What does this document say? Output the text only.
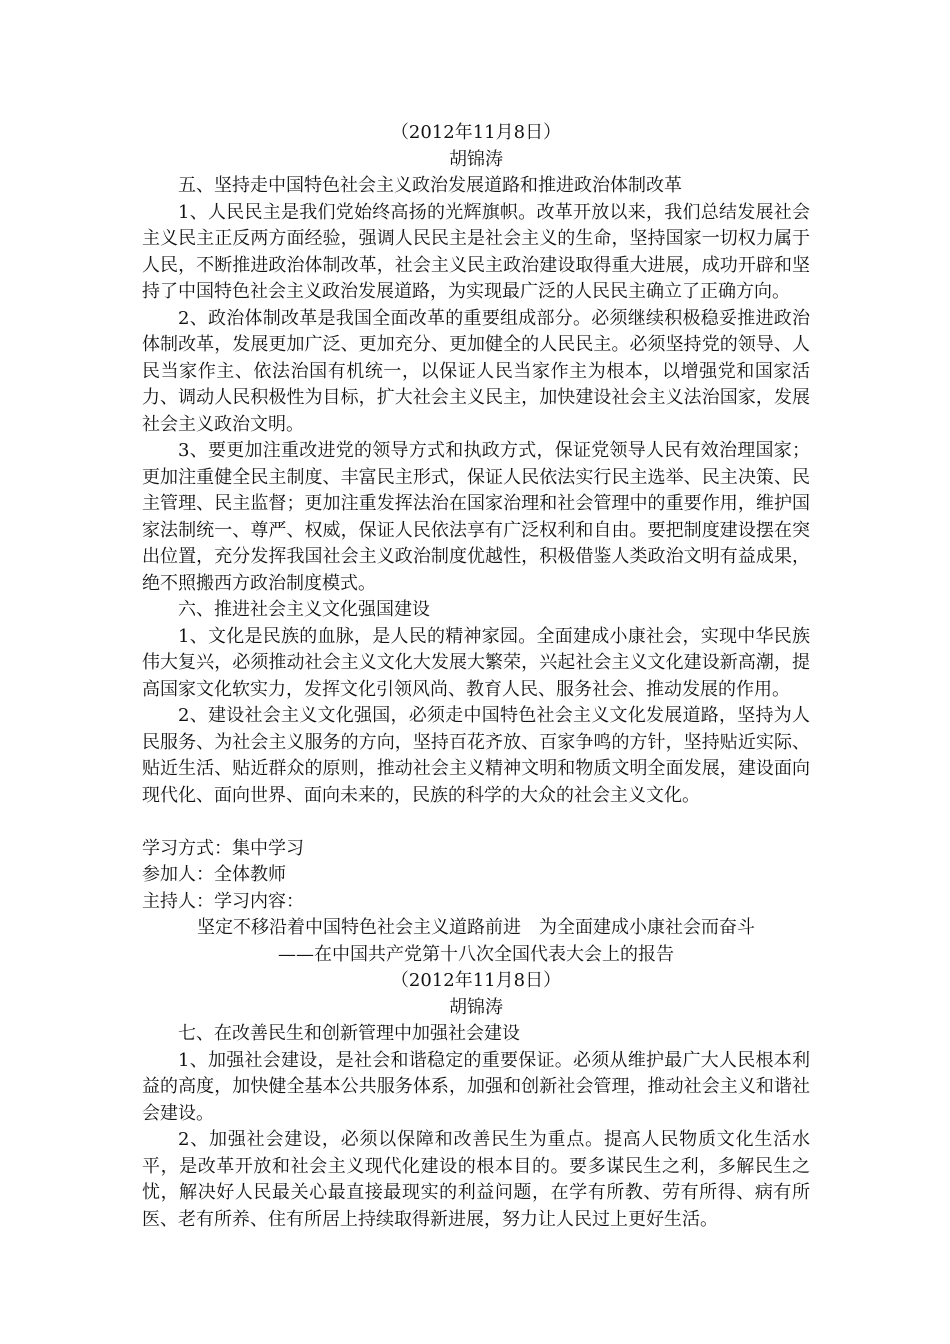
（2012年11月8日）

胡锦涛

五、坚持走中国特色社会主义政治发展道路和推进政治体制改革

1、人民民主是我们党始终高扬的光辉旗帜。改革开放以来，我们总结发展社会主义民主正反两方面经验，强调人民民主是社会主义的生命，坚持国家一切权力属于人民，不断推进政治体制改革，社会主义民主政治建设取得重大进展，成功开辟和坚持了中国特色社会主义政治发展道路，为实现最广泛的人民民主确立了正确方向。

2、政治体制改革是我国全面改革的重要组成部分。必须继续积极稳妥推进政治体制改革，发展更加广泛、更加充分、更加健全的人民民主。必须坚持党的领导、人民当家作主、依法治国有机统一，以保证人民当家作主为根本，以增强党和国家活力、调动人民积极性为目标，扩大社会主义民主，加快建设社会主义法治国家，发展社会主义政治文明。

3、要更加注重改进党的领导方式和执政方式，保证党领导人民有效治理国家；更加注重健全民主制度、丰富民主形式，保证人民依法实行民主选举、民主决策、民主管理、民主监督；更加注重发挥法治在国家治理和社会管理中的重要作用，维护国家法制统一、尊严、权威，保证人民依法享有广泛权利和自由。要把制度建设摆在突出位置，充分发挥我国社会主义政治制度优越性，积极借鉴人类政治文明有益成果，绝不照搬西方政治制度模式。

六、推进社会主义文化强国建设

1、文化是民族的血脉，是人民的精神家园。全面建成小康社会，实现中华民族伟大复兴，必须推动社会主义文化大发展大繁荣，兴起社会主义文化建设新高潮，提高国家文化软实力，发挥文化引领风尚、教育人民、服务社会、推动发展的作用。

2、建设社会主义文化强国，必须走中国特色社会主义文化发展道路，坚持为人民服务、为社会主义服务的方向，坚持百花齐放、百家争鸣的方针，坚持贴近实际、贴近生活、贴近群众的原则，推动社会主义精神文明和物质文明全面发展，建设面向现代化、面向世界、面向未来的，民族的科学的大众的社会主义文化。

学习方式：集中学习

参加人：全体教师

主持人：学习内容：

坚定不移沿着中国特色社会主义道路前进　为全面建成小康社会而奋斗

——在中国共产党第十八次全国代表大会上的报告

（2012年11月8日）

胡锦涛

七、在改善民生和创新管理中加强社会建设

1、加强社会建设，是社会和谐稳定的重要保证。必须从维护最广大人民根本利益的高度，加快健全基本公共服务体系，加强和创新社会管理，推动社会主义和谐社会建设。

2、加强社会建设，必须以保障和改善民生为重点。提高人民物质文化生活水平，是改革开放和社会主义现代化建设的根本目的。要多谋民生之利，多解民生之忧，解决好人民最关心最直接最现实的利益问题，在学有所教、劳有所得、病有所医、老有所养、住有所居上持续取得新进展，努力让人民过上更好生活。
